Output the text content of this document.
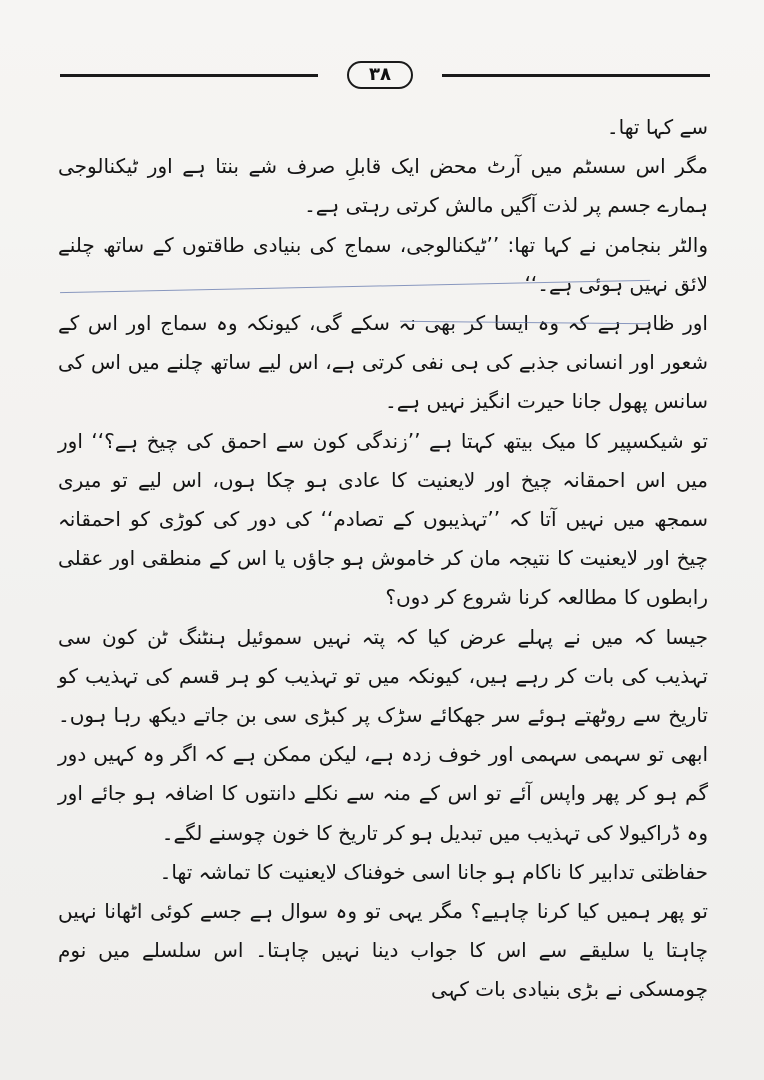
۳۸

سے کہا تھا۔

مگر اس سسٹم میں آرٹ محض ایک قابلِ صرف شے بنتا ہے اور ٹیکنالوجی ہمارے جسم پر لذت آگیں مالش کرتی رہتی ہے۔

والٹر بنجامن نے کہا تھا: ’’ٹیکنالوجی، سماج کی بنیادی طاقتوں کے ساتھ چلنے لائق نہیں ہوئی ہے۔‘‘

اور ظاہر ہے کہ وہ ایسا کر بھی نہ سکے گی، کیونکہ وہ سماج اور اس کے شعور اور انسانی جذبے کی ہی نفی کرتی ہے، اس لیے ساتھ چلنے میں اس کی سانس پھول جانا حیرت انگیز نہیں ہے۔

تو شیکسپیر کا میک بیتھ کہتا ہے ’’زندگی کون سے احمق کی چیخ ہے؟‘‘ اور میں اس احمقانہ چیخ اور لایعنیت کا عادی ہو چکا ہوں، اس لیے تو میری سمجھ میں نہیں آتا کہ ’’تہذیبوں کے تصادم‘‘ کی دور کی کوڑی کو احمقانہ چیخ اور لایعنیت کا نتیجہ مان کر خاموش ہو جاؤں یا اس کے منطقی اور عقلی رابطوں کا مطالعہ کرنا شروع کر دوں؟

جیسا کہ میں نے پہلے عرض کیا کہ پتہ نہیں سموئیل ہنٹنگ ٹن کون سی تہذیب کی بات کر رہے ہیں، کیونکہ میں تو تہذیب کو ہر قسم کی تہذیب کو تاریخ سے روٹھتے ہوئے سر جھکائے سڑک پر کبڑی سی بن جاتے دیکھ رہا ہوں۔ ابھی تو سہمی سہمی اور خوف زدہ ہے، لیکن ممکن ہے کہ اگر وہ کہیں دور گم ہو کر پھر واپس آئے تو اس کے منہ سے نکلے دانتوں کا اضافہ ہو جائے اور وہ ڈراکیولا کی تہذیب میں تبدیل ہو کر تاریخ کا خون چوسنے لگے۔

حفاظتی تدابیر کا ناکام ہو جانا اسی خوفناک لایعنیت کا تماشہ تھا۔

تو پھر ہمیں کیا کرنا چاہیے؟ مگر یہی تو وہ سوال ہے جسے کوئی اٹھانا نہیں چاہتا یا سلیقے سے اس کا جواب دینا نہیں چاہتا۔ اس سلسلے میں نوم چومسکی نے بڑی بنیادی بات کہی
